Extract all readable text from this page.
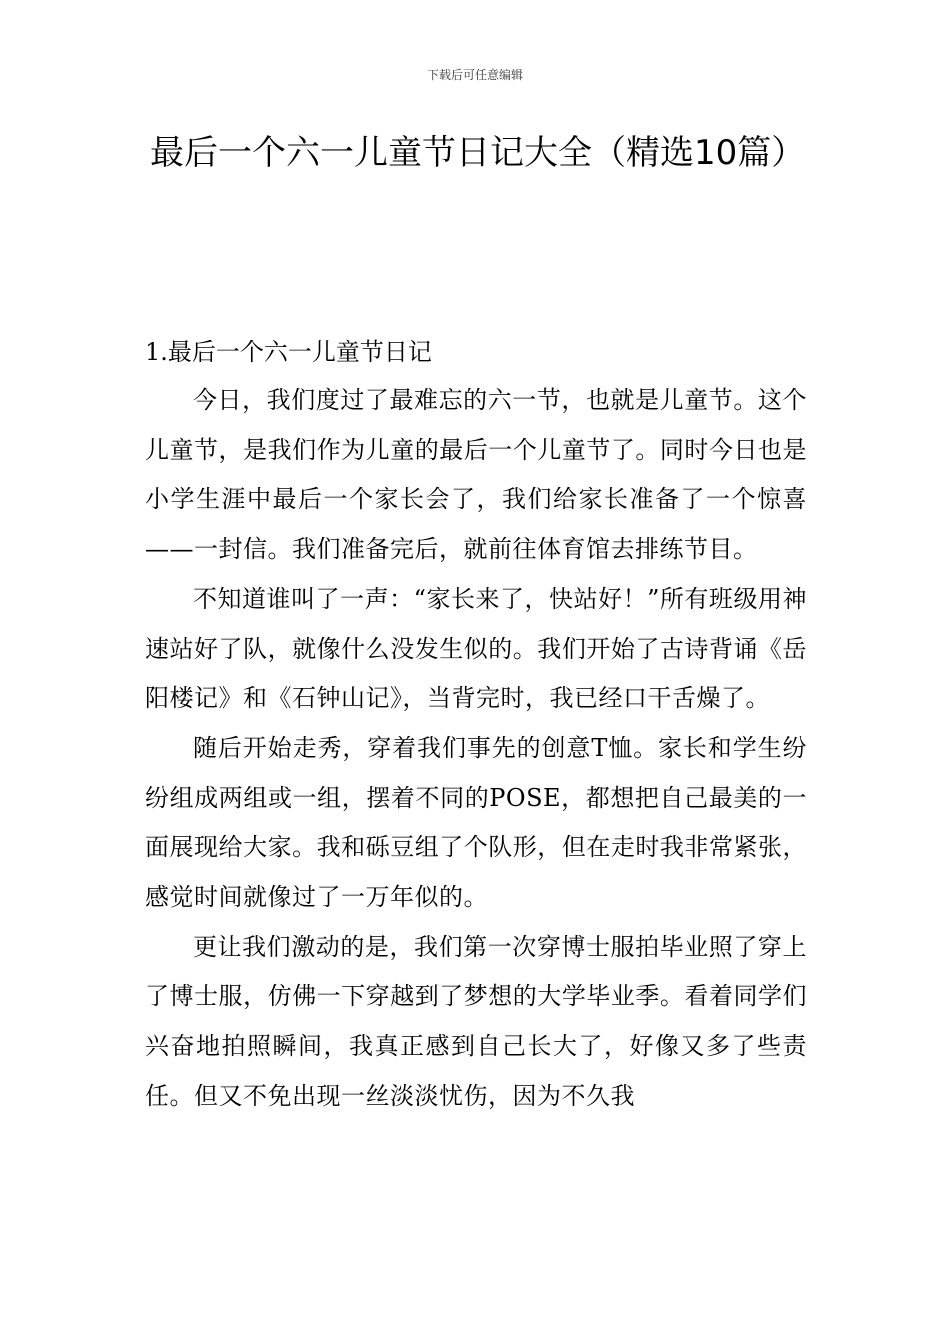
下载后可任意编辑
最后一个六一儿童节日记大全（精选10篇）

1.最后一个六一儿童节日记

今日，我们度过了最难忘的六一节，也就是儿童节。这个儿童节，是我们作为儿童的最后一个儿童节了。同时今日也是小学生涯中最后一个家长会了，我们给家长准备了一个惊喜——一封信。我们准备完后，就前往体育馆去排练节目。

不知道谁叫了一声：“家长来了，快站好！”所有班级用神速站好了队，就像什么没发生似的。我们开始了古诗背诵《岳阳楼记》和《石钟山记》，当背完时，我已经口干舌燥了。

随后开始走秀，穿着我们事先的创意T恤。家长和学生纷纷组成两组或一组，摆着不同的POSE，都想把自己最美的一面展现给大家。我和砾豆组了个队形，但在走时我非常紧张，感觉时间就像过了一万年似的。

更让我们激动的是，我们第一次穿博士服拍毕业照了穿上了博士服，仿佛一下穿越到了梦想的大学毕业季。看着同学们兴奋地拍照瞬间，我真正感到自己长大了，好像又多了些责任。但又不免出现一丝淡淡忧伤，因为不久我
